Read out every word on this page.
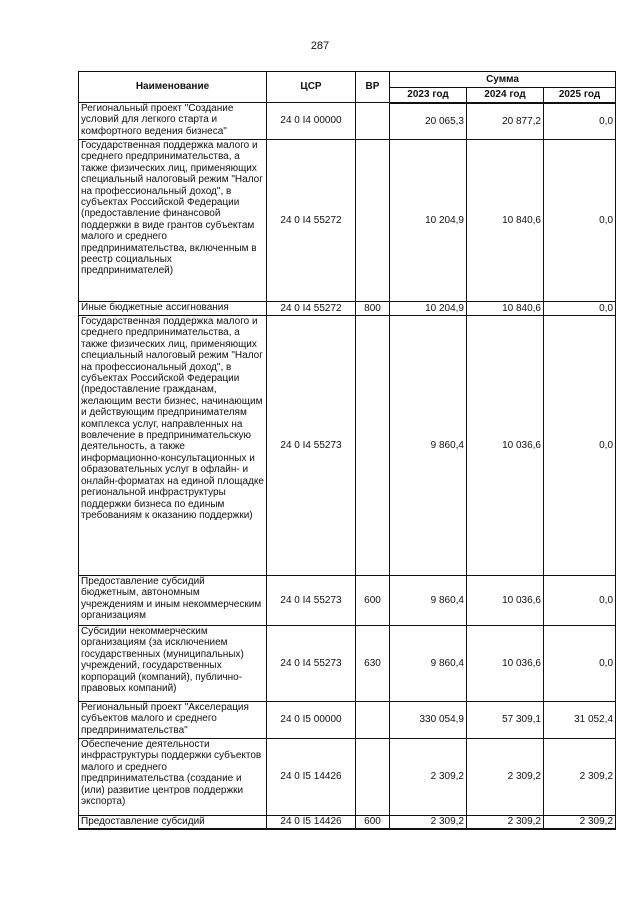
287
Наименование	ЦСР	ВР	Сумма		
			2023 год	2024 год	2025 год
Региональный проект "Создание условий для легкого старта и комфортного ведения бизнеса"	24 0 I4 00000		20 065,3	20 877,2	0,0
Государственная поддержка малого и среднего предпринимательства, а также физических лиц, применяющих специальный налоговый режим "Налог на профессиональный доход", в субъектах Российской Федерации (предоставление финансовой поддержки в виде грантов субъектам малого и среднего предпринимательства, включенным в реестр социальных предпринимателей)	24 0 I4 55272		10 204,9	10 840,6	0,0
Иные бюджетные ассигнования	24 0 I4 55272	800	10 204,9	10 840,6	0,0
Государственная поддержка малого и среднего предпринимательства, а также физических лиц, применяющих специальный налоговый режим "Налог на профессиональный доход", в субъектах Российской Федерации (предоставление гражданам, желающим вести бизнес, начинающим и действующим предпринимателям комплекса услуг, направленных на вовлечение в предпринимательскую деятельность, а также информационно-консультационных и образовательных услуг в офлайн- и онлайн-форматах на единой площадке региональной инфраструктуры поддержки бизнеса по единым требованиям к оказанию поддержки)	24 0 I4 55273		9 860,4	10 036,6	0,0
Предоставление субсидий бюджетным, автономным учреждениям и иным некоммерческим организациям	24 0 I4 55273	600	9 860,4	10 036,6	0,0
Субсидии некоммерческим организациям (за исключением государственных (муниципальных) учреждений, государственных корпораций (компаний), публично-правовых компаний)	24 0 I4 55273	630	9 860,4	10 036,6	0,0
Региональный проект "Акселерация субъектов малого и среднего предпринимательства"	24 0 I5 00000		330 054,9	57 309,1	31 052,4
Обеспечение деятельности инфраструктуры поддержки субъектов малого и среднего предпринимательства (создание и (или) развитие центров поддержки экспорта)	24 0 I5 14426		2 309,2	2 309,2	2 309,2
Предоставление субсидий	24 0 I5 14426	600	2 309,2	2 309,2	2 309,2
